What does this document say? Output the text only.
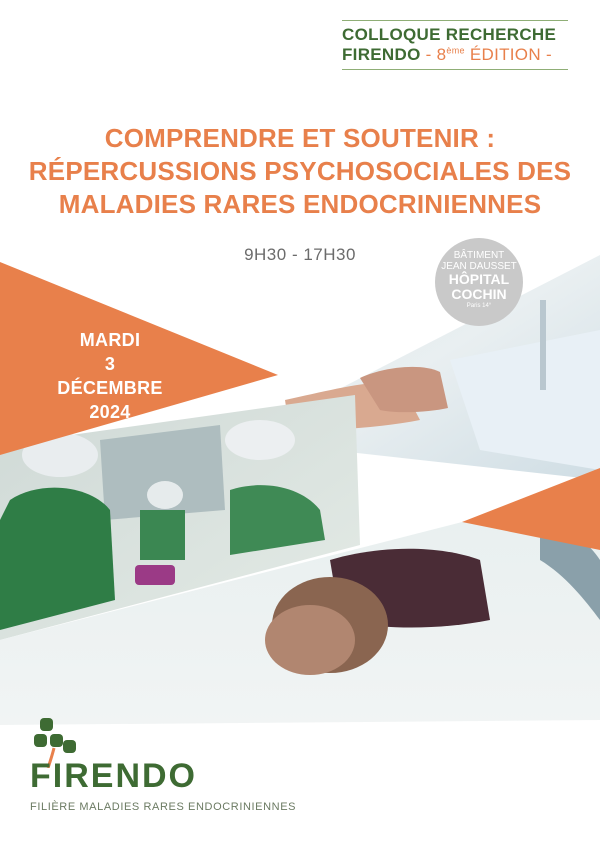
COLLOQUE RECHERCHE
FIRENDO - 8ème ÉDITION -
COMPRENDRE ET SOUTENIR :
RÉPERCUSSIONS PSYCHOSOCIALES DES
MALADIES RARES ENDOCRINIENNES
9H30 - 17H30	BÂTIMENT
JEAN DAUSSET
HÔPITAL
COCHIN
Paris 14°
MARDI
3 DÉCEMBRE
2024
FIRENDO
FILIÈRE MALADIES RARES ENDOCRINIENNES
